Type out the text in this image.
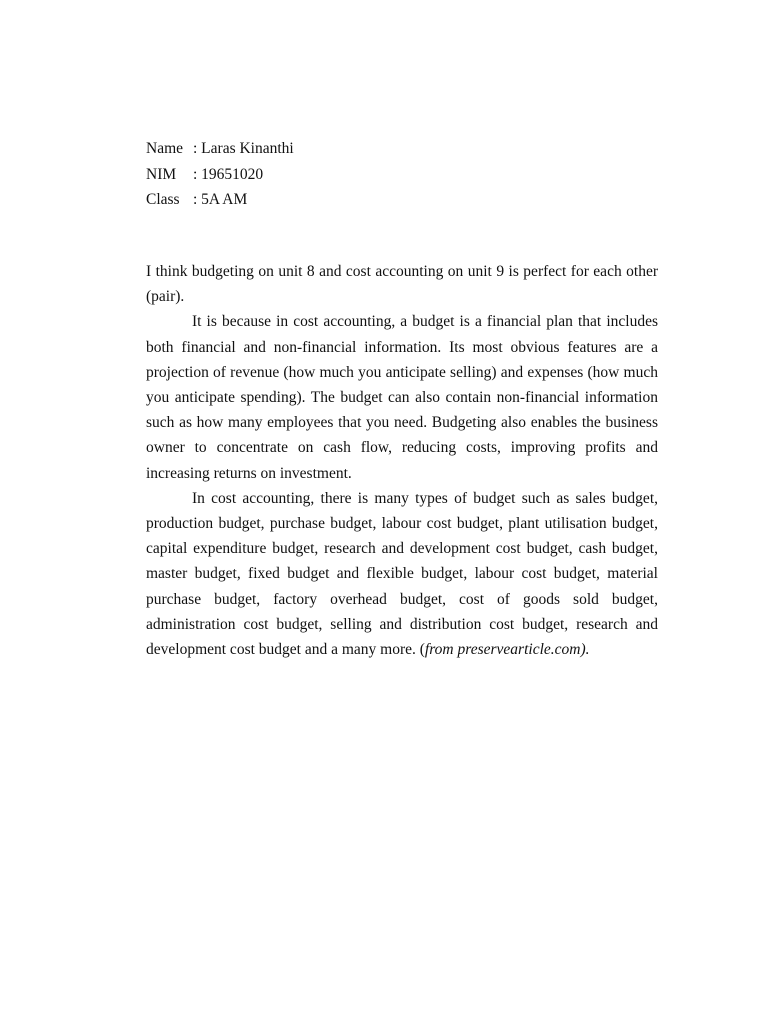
Name : Laras Kinanthi
NIM	: 19651020
Class : 5A AM

I think budgeting on unit 8 and cost accounting on unit 9 is perfect for each other (pair).

It is because in cost accounting, a budget is a financial plan that includes both financial and non-financial information. Its most obvious features are a projection of revenue (how much you anticipate selling) and expenses (how much you anticipate spending). The budget can also contain non-financial information such as how many employees that you need. Budgeting also enables the business owner to concentrate on cash flow, reducing costs, improving profits and increasing returns on investment.

In cost accounting, there is many types of budget such as sales budget, production budget, purchase budget, labour cost budget, plant utilisation budget, capital expenditure budget, research and development cost budget, cash budget, master budget, fixed budget and flexible budget, labour cost budget, material purchase budget, factory overhead budget, cost of goods sold budget, administration cost budget, selling and distribution cost budget, research and development cost budget and a many more. (from preservearticle.com).
